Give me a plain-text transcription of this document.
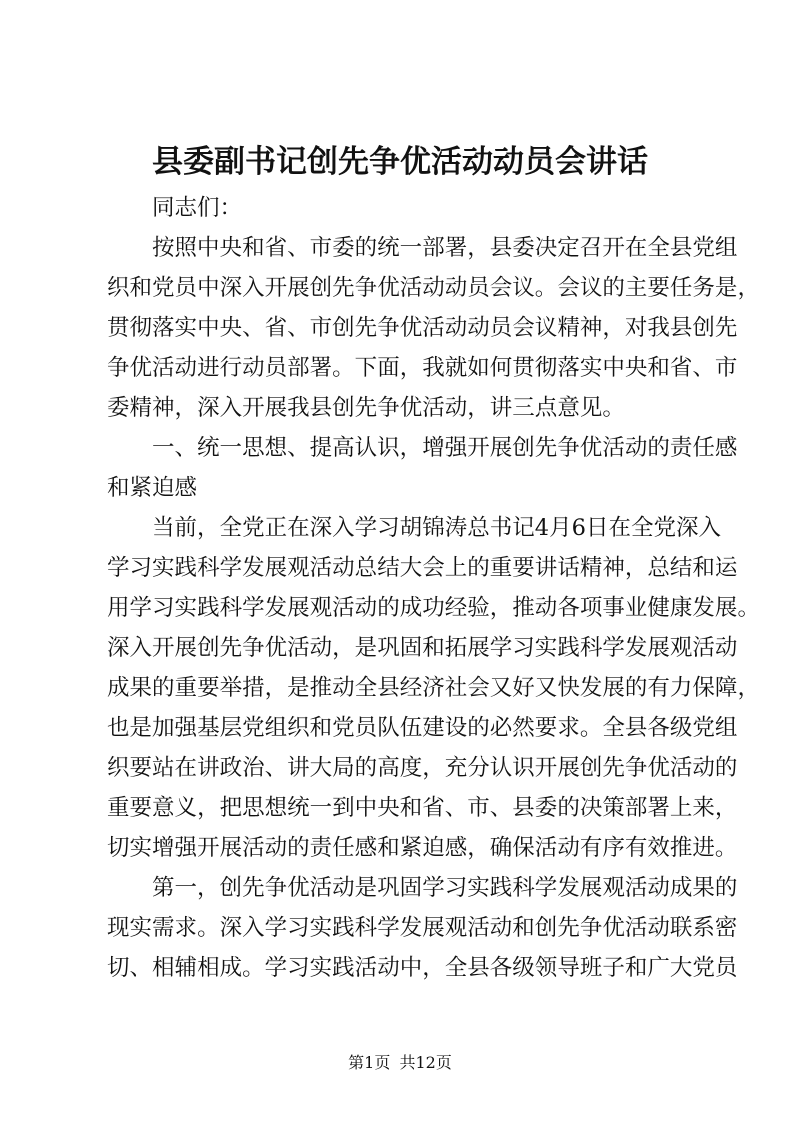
县委副书记创先争优活动动员会讲话
同 志 们 ：
按 照 中 央 和 省 、 市 委 的 统 一 部 署 ， 县 委 决 定 召 开 在 全 县 党 组
织 和 党 员 中 深 入 开 展 创 先 争 优 活 动 动 员 会 议 。 会 议 的 主 要 任 务 是 ，
贯 彻 落 实 中 央 、 省 、 市 创 先 争 优 活 动 动 员 会 议 精 神 ， 对 我 县 创 先
争 优 活 动 进 行 动 员 部 署 。 下 面 ， 我 就 如 何 贯 彻 落 实 中 央 和 省 、 市
委 精 神 ， 深 入 开 展 我 县 创 先 争 优 活 动 ， 讲 三 点 意 见 。
一 、 统 一 思 想 、 提 高 认 识 ， 增 强 开 展 创 先 争 优 活 动 的 责 任 感
和 紧 迫 感
当 前 ， 全 党 正 在 深 入 学 习 胡 锦 涛 总 书 记 4 月 6 日 在 全 党 深 入
学 习 实 践 科 学 发 展 观 活 动 总 结 大 会 上 的 重 要 讲 话 精 神 ， 总 结 和 运
用 学 习 实 践 科 学 发 展 观 活 动 的 成 功 经 验 ， 推 动 各 项 事 业 健 康 发 展 。
深 入 开 展 创 先 争 优 活 动 ， 是 巩 固 和 拓 展 学 习 实 践 科 学 发 展 观 活 动
成 果 的 重 要 举 措 ， 是 推 动 全 县 经 济 社 会 又 好 又 快 发 展 的 有 力 保 障 ，
也 是 加 强 基 层 党 组 织 和 党 员 队 伍 建 设 的 必 然 要 求 。 全 县 各 级 党 组
织 要 站 在 讲 政 治 、 讲 大 局 的 高 度 ， 充 分 认 识 开 展 创 先 争 优 活 动 的
重 要 意 义 ， 把 思 想 统 一 到 中 央 和 省 、 市 、 县 委 的 决 策 部 署 上 来 ，
切 实 增 强 开 展 活 动 的 责 任 感 和 紧 迫 感 ， 确 保 活 动 有 序 有 效 推 进 。
第 一 ， 创 先 争 优 活 动 是 巩 固 学 习 实 践 科 学 发 展 观 活 动 成 果 的
现 实 需 求 。 深 入 学 习 实 践 科 学 发 展 观 活 动 和 创 先 争 优 活 动 联 系 密
切 、 相 辅 相 成 。 学 习 实 践 活 动 中 ， 全 县 各 级 领 导 班 子 和 广 大 党 员
第1页 共12页
